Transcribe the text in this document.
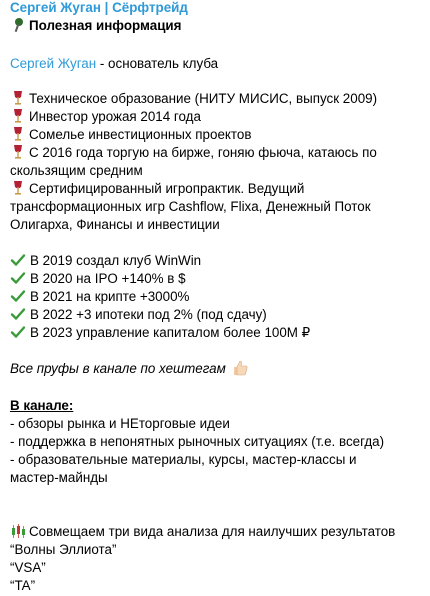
Сергей Жуган | Сёрфтрейд
Полезная информация
Сергей Жуган - основатель клуба
Техническое образование (НИТУ МИСИС, выпуск 2009)
Инвестор урожая 2014 года
Сомелье инвестиционных проектов
С 2016 года торгую на бирже, гоняю фьюча, катаюсь по скользящим средним
Сертифицированный игропрактик. Ведущий трансформационных игр Cashflow, Flixa, Денежный Поток Олигарха, Финансы и инвестиции
В 2019 создал клуб WinWin
В 2020 на IPO +140% в $
В 2021 на крипте +3000%
В 2022 +3 ипотеки под 2% (под сдачу)
В 2023 управление капиталом более 100М ₽
Все пруфы в канале по хештегам
В канале:
- обзоры рынка и НЕторговые идеи
- поддержка в непонятных рыночных ситуациях (т.е. всегда)
- образовательные материалы, курсы, мастер-классы и мастер-майнды
Совмещаем три вида анализа для наилучших результатов
“Волны Эллиота”
“VSA”
“TA”
